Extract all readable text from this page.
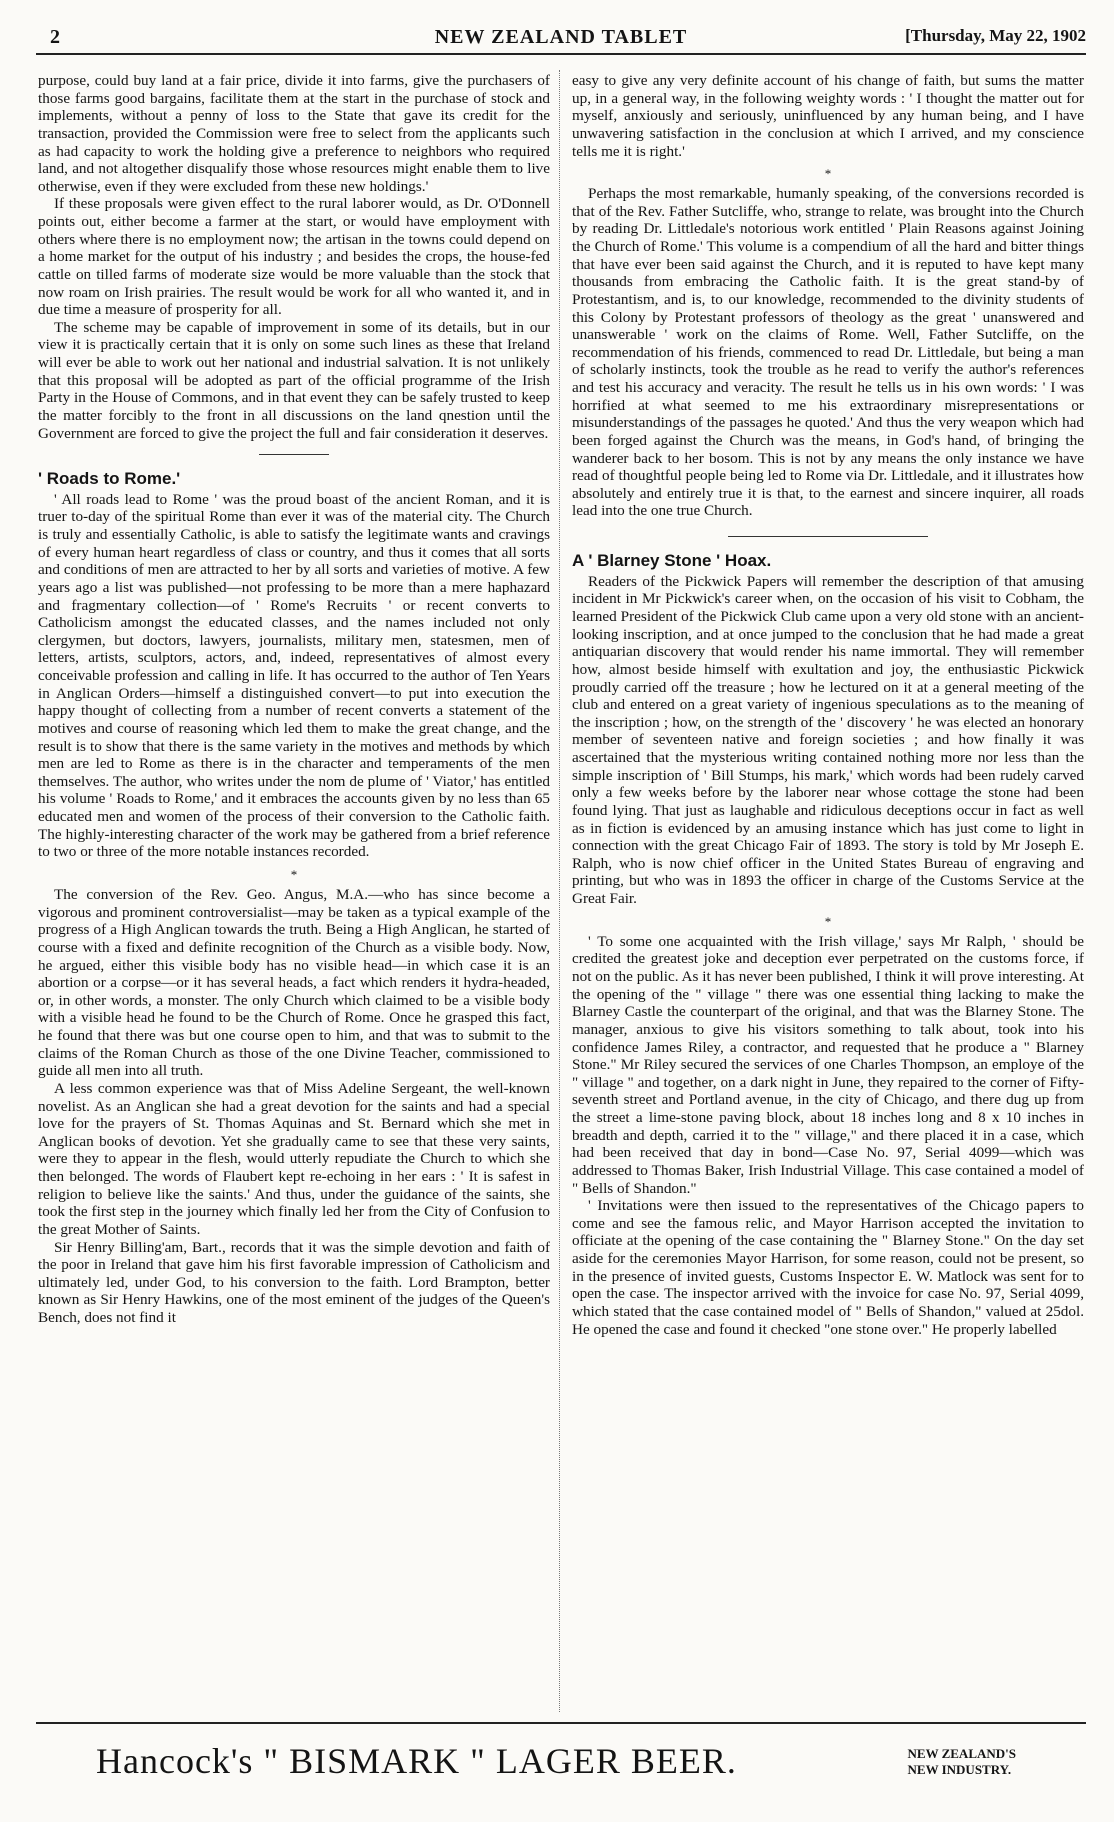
NEW ZEALAND TABLET
2	[Thursday, May 22, 1902

purpose, could buy land at a fair price, divide it into farms, give the purchasers of those farms good bargains, facilitate them at the start in the purchase of stock and implements, without a penny of loss to the State that gave its credit for the transaction, provided the Commission were free to select from the applicants such as had capacity to work the holding give a preference to neighbors who required land, and not altogether disqualify those whose resources might enable them to live otherwise, even if they were excluded from these new holdings.'

If these proposals were given effect to the rural laborer would, as Dr. O'Donnell points out, either become a farmer at the start, or would have employment with others where there is no employment now; the artisan in the towns could depend on a home market for the output of his industry ; and besides the crops, the house-fed cattle on tilled farms of moderate size would be more valuable than the stock that now roam on Irish prairies. The result would be work for all who wanted it, and in due time a measure of prosperity for all.

The scheme may be capable of improvement in some of its details, but in our view it is practically certain that it is only on some such lines as these that Ireland will ever be able to work out her national and industrial salvation. It is not unlikely that this proposal will be adopted as part of the official programme of the Irish Party in the House of Commons, and in that event they can be safely trusted to keep the matter forcibly to the front in all discussions on the land qnestion until the Government are forced to give the project the full and fair consideration it deserves.

' Roads to Rome.'

' All roads lead to Rome ' was the proud boast of the ancient Roman, and it is truer to-day of the spiritual Rome than ever it was of the material city. The Church is truly and essentially Catholic, is able to satisfy the legitimate wants and cravings of every human heart regardless of class or country, and thus it comes that all sorts and conditions of men are attracted to her by all sorts and varieties of motive. A few years ago a list was published—not professing to be more than a mere haphazard and fragmentary collection—of ' Rome's Recruits ' or recent converts to Catholicism amongst the educated classes, and the names included not only clergymen, but doctors, lawyers, journalists, military men, statesmen, men of letters, artists, sculptors, actors, and, indeed, representatives of almost every conceivable profession and calling in life. It has occurred to the author of Ten Years in Anglican Orders—himself a distinguished convert—to put into execution the happy thought of collecting from a number of recent converts a statement of the motives and course of reasoning which led them to make the great change, and the result is to show that there is the same variety in the motives and methods by which men are led to Rome as there is in the character and temperaments of the men themselves. The author, who writes under the nom de plume of ' Viator,' has entitled his volume ' Roads to Rome,' and it embraces the accounts given by no less than 65 educated men and women of the process of their conversion to the Catholic faith. The highly-interesting character of the work may be gathered from a brief reference to two or three of the more notable instances recorded.

*

The conversion of the Rev. Geo. Angus, M.A.—who has since become a vigorous and prominent controversialist—may be taken as a typical example of the progress of a High Anglican towards the truth. Being a High Anglican, he started of course with a fixed and definite recognition of the Church as a visible body. Now, he argued, either this visible body has no visible head—in which case it is an abortion or a corpse—or it has several heads, a fact which renders it hydra-headed, or, in other words, a monster. The only Church which claimed to be a visible body with a visible head he found to be the Church of Rome. Once he grasped this fact, he found that there was but one course open to him, and that was to submit to the claims of the Roman Church as those of the one Divine Teacher, commissioned to guide all men into all truth.

A less common experience was that of Miss Adeline Sergeant, the well-known novelist. As an Anglican she had a great devotion for the saints and had a special love for the prayers of St. Thomas Aquinas and St. Bernard which she met in Anglican books of devotion. Yet she gradually came to see that these very saints, were they to appear in the flesh, would utterly repudiate the Church to which she then belonged. The words of Flaubert kept re-echoing in her ears : ' It is safest in religion to believe like the saints.' And thus, under the guidance of the saints, she took the first step in the journey which finally led her from the City of Confusion to the great Mother of Saints.

Sir Henry Billing'am, Bart., records that it was the simple devotion and faith of the poor in Ireland that gave him his first favorable impression of Catholicism and ultimately led, under God, to his conversion to the faith. Lord Brampton, better known as Sir Henry Hawkins, one of the most eminent of the judges of the Queen's Bench, does not find it

easy to give any very definite account of his change of faith, but sums the matter up, in a general way, in the following weighty words : ' I thought the matter out for myself, anxiously and seriously, uninfluenced by any human being, and I have unwavering satisfaction in the conclusion at which I arrived, and my conscience tells me it is right.'

*

Perhaps the most remarkable, humanly speaking, of the conversions recorded is that of the Rev. Father Sutcliffe, who, strange to relate, was brought into the Church by reading Dr. Littledale's notorious work entitled ' Plain Reasons against Joining the Church of Rome.' This volume is a compendium of all the hard and bitter things that have ever been said against the Church, and it is reputed to have kept many thousands from embracing the Catholic faith. It is the great stand-by of Protestantism, and is, to our knowledge, recommended to the divinity students of this Colony by Protestant professors of theology as the great ' unanswered and unanswerable ' work on the claims of Rome. Well, Father Sutcliffe, on the recommendation of his friends, commenced to read Dr. Littledale, but being a man of scholarly instincts, took the trouble as he read to verify the author's references and test his accuracy and veracity. The result he tells us in his own words: ' I was horrified at what seemed to me his extraordinary misrepresentations or misunderstandings of the passages he quoted.' And thus the very weapon which had been forged against the Church was the means, in God's hand, of bringing the wanderer back to her bosom. This is not by any means the only instance we have read of thoughtful people being led to Rome via Dr. Littledale, and it illustrates how absolutely and entirely true it is that, to the earnest and sincere inquirer, all roads lead into the one true Church.

A ' Blarney Stone ' Hoax.

Readers of the Pickwick Papers will remember the description of that amusing incident in Mr Pickwick's career when, on the occasion of his visit to Cobham, the learned President of the Pickwick Club came upon a very old stone with an ancient-looking inscription, and at once jumped to the conclusion that he had made a great antiquarian discovery that would render his name immortal. They will remember how, almost beside himself with exultation and joy, the enthusiastic Pickwick proudly carried off the treasure ; how he lectured on it at a general meeting of the club and entered on a great variety of ingenious speculations as to the meaning of the inscription ; how, on the strength of the ' discovery ' he was elected an honorary member of seventeen native and foreign societies ; and how finally it was ascertained that the mysterious writing contained nothing more nor less than the simple inscription of ' Bill Stumps, his mark,' which words had been rudely carved only a few weeks before by the laborer near whose cottage the stone had been found lying. That just as laughable and ridiculous deceptions occur in fact as well as in fiction is evidenced by an amusing instance which has just come to light in connection with the great Chicago Fair of 1893. The story is told by Mr Joseph E. Ralph, who is now chief officer in the United States Bureau of engraving and printing, but who was in 1893 the officer in charge of the Customs Service at the Great Fair.

*

' To some one acquainted with the Irish village,' says Mr Ralph, ' should be credited the greatest joke and deception ever perpetrated on the customs force, if not on the public. As it has never been published, I think it will prove interesting. At the opening of the " village " there was one essential thing lacking to make the Blarney Castle the counterpart of the original, and that was the Blarney Stone. The manager, anxious to give his visitors something to talk about, took into his confidence James Riley, a contractor, and requested that he produce a " Blarney Stone." Mr Riley secured the services of one Charles Thompson, an employe of the " village " and together, on a dark night in June, they repaired to the corner of Fifty-seventh street and Portland avenue, in the city of Chicago, and there dug up from the street a lime-stone paving block, about 18 inches long and 8 x 10 inches in breadth and depth, carried it to the " village," and there placed it in a case, which had been received that day in bond—Case No. 97, Serial 4099—which was addressed to Thomas Baker, Irish Industrial Village. This case contained a model of " Bells of Shandon."

' Invitations were then issued to the representatives of the Chicago papers to come and see the famous relic, and Mayor Harrison accepted the invitation to officiate at the opening of the case containing the " Blarney Stone." On the day set aside for the ceremonies Mayor Harrison, for some reason, could not be present, so in the presence of invited guests, Customs Inspector E. W. Matlock was sent for to open the case. The inspector arrived with the invoice for case No. 97, Serial 4099, which stated that the case contained model of " Bells of Shandon," valued at 25dol. He opened the case and found it checked "one stone over." He properly labelled

Hancock's " BISMARK " LAGER BEER.	NEW ZEALAND'S
NEW INDUSTRY.
